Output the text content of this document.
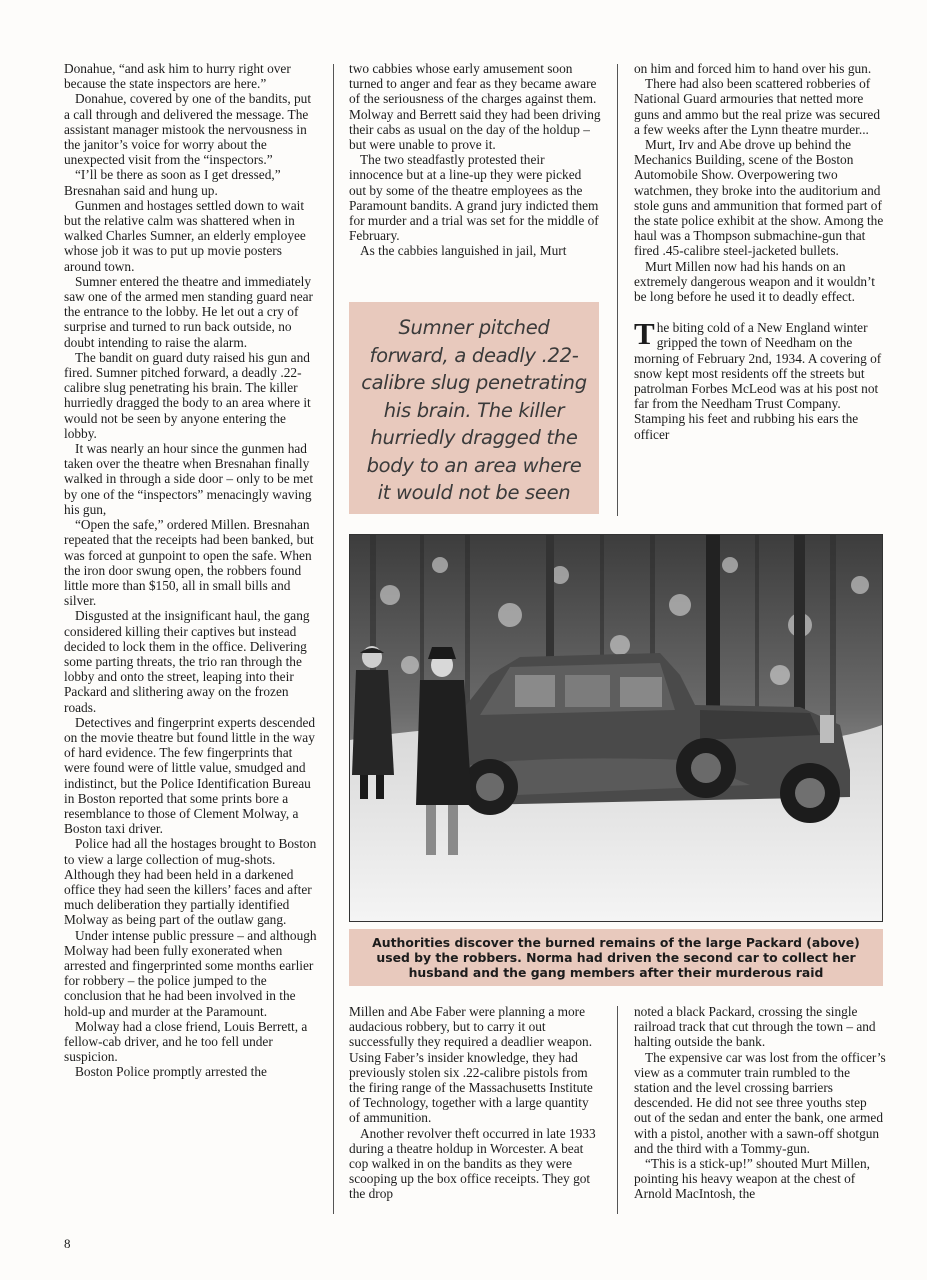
Donahue, “and ask him to hurry right over because the state inspectors are here.”

Donahue, covered by one of the bandits, put a call through and delivered the message. The assistant manager mistook the nervousness in the janitor’s voice for worry about the unexpected visit from the “inspectors.”

“I’ll be there as soon as I get dressed,” Bresnahan said and hung up.

Gunmen and hostages settled down to wait but the relative calm was shattered when in walked Charles Sumner, an elderly employee whose job it was to put up movie posters around town.

Sumner entered the theatre and immediately saw one of the armed men standing guard near the entrance to the lobby. He let out a cry of surprise and turned to run back outside, no doubt intending to raise the alarm.

The bandit on guard duty raised his gun and fired. Sumner pitched forward, a deadly .22-calibre slug penetrating his brain. The killer hurriedly dragged the body to an area where it would not be seen by anyone entering the lobby.

It was nearly an hour since the gunmen had taken over the theatre when Bresnahan finally walked in through a side door – only to be met by one of the “inspectors” menacingly waving his gun,

“Open the safe,” ordered Millen. Bresnahan repeated that the receipts had been banked, but was forced at gunpoint to open the safe. When the iron door swung open, the robbers found little more than $150, all in small bills and silver.

Disgusted at the insignificant haul, the gang considered killing their captives but instead decided to lock them in the office. Delivering some parting threats, the trio ran through the lobby and onto the street, leaping into their Packard and slithering away on the frozen roads.

Detectives and fingerprint experts descended on the movie theatre but found little in the way of hard evidence. The few fingerprints that were found were of little value, smudged and indistinct, but the Police Identification Bureau in Boston reported that some prints bore a resemblance to those of Clement Molway, a Boston taxi driver.

Police had all the hostages brought to Boston to view a large collection of mug-shots. Although they had been held in a darkened office they had seen the killers’ faces and after much deliberation they partially identified Molway as being part of the outlaw gang.

Under intense public pressure – and although Molway had been fully exonerated when arrested and fingerprinted some months earlier for robbery – the police jumped to the conclusion that he had been involved in the hold-up and murder at the Paramount.

Molway had a close friend, Louis Berrett, a fellow-cab driver, and he too fell under suspicion.

Boston Police promptly arrested the

two cabbies whose early amusement soon turned to anger and fear as they became aware of the seriousness of the charges against them. Molway and Berrett said they had been driving their cabs as usual on the day of the holdup – but were unable to prove it.

The two steadfastly protested their innocence but at a line-up they were picked out by some of the theatre employees as the Paramount bandits. A grand jury indicted them for murder and a trial was set for the middle of February.

As the cabbies languished in jail, Murt

Sumner pitched forward, a deadly .22-calibre slug penetrating his brain. The killer hurriedly dragged the body to an area where it would not be seen

on him and forced him to hand over his gun.

There had also been scattered robberies of National Guard armouries that netted more guns and ammo but the real prize was secured a few weeks after the Lynn theatre murder...

Murt, Irv and Abe drove up behind the Mechanics Building, scene of the Boston Automobile Show. Overpowering two watchmen, they broke into the auditorium and stole guns and ammunition that formed part of the state police exhibit at the show. Among the haul was a Thompson submachine-gun that fired .45-calibre steel-jacketed bullets.

Murt Millen now had his hands on an extremely dangerous weapon and it wouldn’t be long before he used it to deadly effect.

The biting cold of a New England winter gripped the town of Needham on the morning of February 2nd, 1934. A covering of snow kept most residents off the streets but patrolman Forbes McLeod was at his post not far from the Needham Trust Company. Stamping his feet and rubbing his ears the officer

Authorities discover the burned remains of the large Packard (above) used by the robbers. Norma had driven the second car to collect her husband and the gang members after their murderous raid

Millen and Abe Faber were planning a more audacious robbery, but to carry it out successfully they required a deadlier weapon. Using Faber’s insider knowledge, they had previously stolen six .22-calibre pistols from the firing range of the Massachusetts Institute of Technology, together with a large quantity of ammunition.

Another revolver theft occurred in late 1933 during a theatre holdup in Worcester. A beat cop walked in on the bandits as they were scooping up the box office receipts. They got the drop

noted a black Packard, crossing the single railroad track that cut through the town – and halting outside the bank.

The expensive car was lost from the officer’s view as a commuter train rumbled to the station and the level crossing barriers descended. He did not see three youths step out of the sedan and enter the bank, one armed with a pistol, another with a sawn-off shotgun and the third with a Tommy-gun.

“This is a stick-up!” shouted Murt Millen, pointing his heavy weapon at the chest of Arnold MacIntosh, the

8
